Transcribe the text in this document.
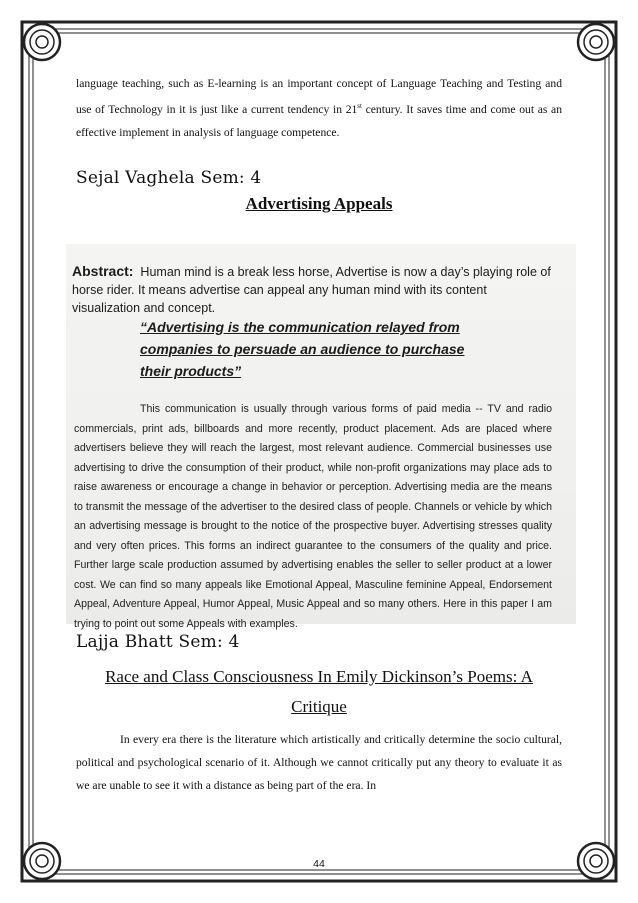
language teaching, such as E-learning is an important concept of Language Teaching and Testing and use of Technology in it is just like a current tendency in 21st century. It saves time and come out as an effective implement in analysis of language competence.

Sejal Vaghela Sem: 4

Advertising Appeals

Abstract: Human mind is a break less horse, Advertise is now a day’s playing role of horse rider. It means advertise can appeal any human mind with its content visualization and concept.
“Advertising is the communication relayed from companies to persuade an audience to purchase their products”
This communication is usually through various forms of paid media -- TV and radio commercials, print ads, billboards and more recently, product placement. Ads are placed where advertisers believe they will reach the largest, most relevant audience. Commercial businesses use advertising to drive the consumption of their product, while non-profit organizations may place ads to raise awareness or encourage a change in behavior or perception. Advertising media are the means to transmit the message of the advertiser to the desired class of people. Channels or vehicle by which an advertising message is brought to the notice of the prospective buyer. Advertising stresses quality and very often prices. This forms an indirect guarantee to the consumers of the quality and price. Further large scale production assumed by advertising enables the seller to seller product at a lower cost. We can find so many appeals like Emotional Appeal, Masculine feminine Appeal, Endorsement Appeal, Adventure Appeal, Humor Appeal, Music Appeal and so many others. Here in this paper I am trying to point out some Appeals with examples.

Lajja Bhatt Sem: 4

Race and Class Consciousness In Emily Dickinson’s Poems: A Critique

In every era there is the literature which artistically and critically determine the socio cultural, political and psychological scenario of it. Although we cannot critically put any theory to evaluate it as we are unable to see it with a distance as being part of the era. In

44
